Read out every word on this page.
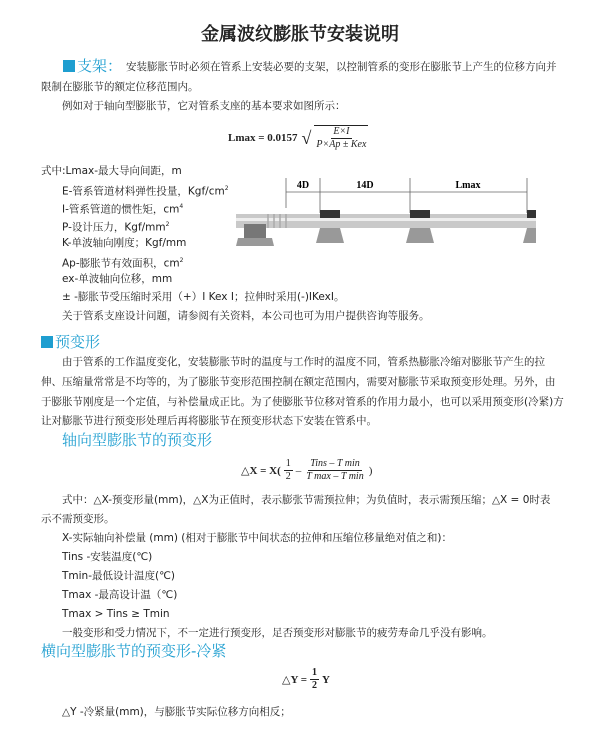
金属波纹膨胀节安装说明
支架： 安装膨胀节时必须在管系上安装必要的支架，以控制管系的变形在膨胀节上产生的位移方向并
限制在膨胀节的额定位移范围内。
例如对于轴向型膨胀节，它对管系支座的基本要求如图所示：
Lmax = 0.0157 √ $\frac{E\times I}{\text{P×Ap ± Kex}}$
式中:Lmax-最大导向间距，m
E-管系管道材料弹性投量，Kgf/$cm^2$
I-管系管道的惯性矩，$cm^4$
P-设计压力，Kgf/$mm^2$
K-单波轴向刚度；Kgf/mm
Ap-膨胀节有效面积，$cm^2$
ex-单波轴向位移，mm
± -膨胀节受压缩时采用（+）I Kex I；拉伸时采用(-)IKexI。
关于管系支座设计问题，请参阅有关资料，本公司也可为用户提供咨询等服务。
4D	14D	Lmax
预变形
由于管系的工作温度变化，安装膨胀节时的温度与工作时的温度不同，管系热膨胀冷缩对膨胀节产生的拉
伸、压缩量常常是不均等的，为了膨胀节变形范围控制在额定范围内，需要对膨胀节采取预变形处理。另外，由
于膨胀节刚度是一个定值，与补偿量成正比。为了使膨胀节位移对管系的作用力最小，也可以采用预变形(冷紧)方
让对膨胀节进行预变形处理后再将膨胀节在预变形状态下安装在管系中。
轴向型膨胀节的预变形
△X = $X( \frac{1}{2} - \frac{\text{Tins – T min}}{\text{T max – T min}}$ )
式中：△X-预变形量(mm)，△X为正值时，表示膨张节需预拉伸；为负值时，表示需预压缩；△X = 0时表
示不需预变形。
X-实际轴向补偿量 (mm) (相对于膨胀节中间状态的拉伸和压缩位移量绝对值之和)：
Tins -安装温度(℃)
Tmin-最低设计温度(℃)
Tmax -最高设计温（℃)
Tmax > Tins ≥ Tmin
一般变形和受力情况下，不一定进行预变形，足否预变形对膨胀节的疲劳寿命几乎没有影响。
横向型膨胀节的预变形-冷紧
△Y = $\frac{1}{2}$ Y
△Y -冷紧量(mm)，与膨胀节实际位移方向相反；
